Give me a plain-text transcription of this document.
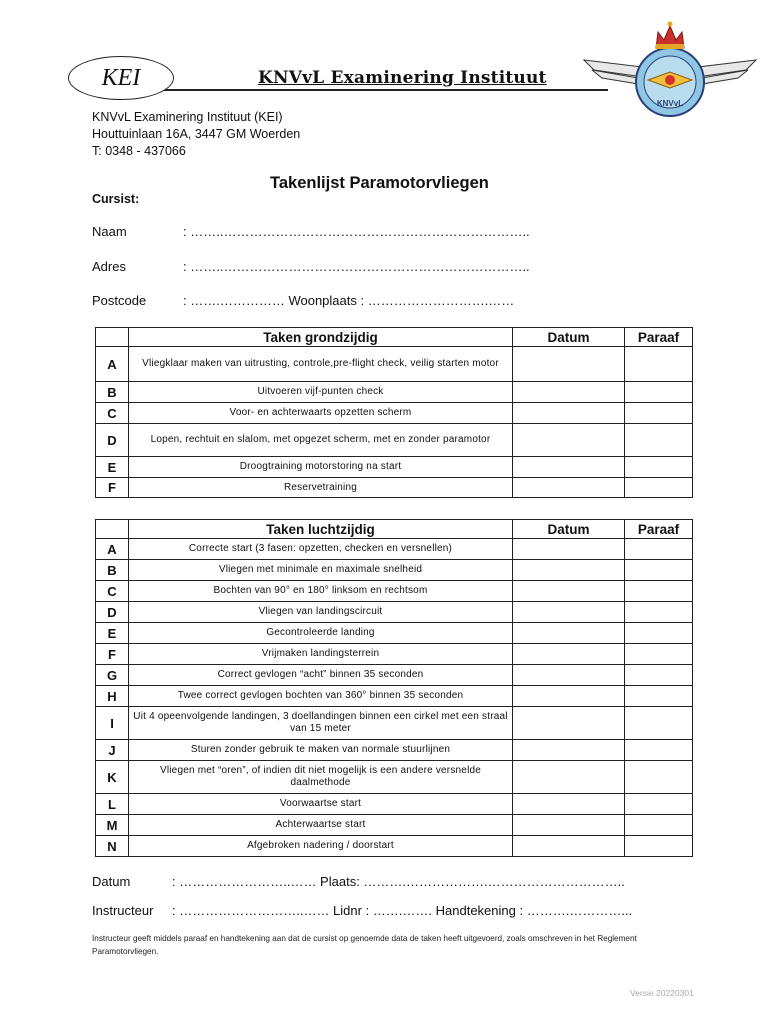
KEI	KNVvL Examinering Instituut
KNVvL
KNVvL Examinering Instituut (KEI)
Houttuinlaan 16A, 3447 GM Woerden
T: 0348 - 437066
Takenlijst Paramotorvliegen
Cursist:
Naam	: ……..……………………………………………………………..
Adres	: ……..……………………………………………………………..
Postcode	: …….…………… Woonplaats : ……………………….……
	Taken grondzijdig	Datum	Paraaf
A	Vliegklaar maken van uitrusting, controle,pre-flight check, veilig starten motor		
B	Uitvoeren vijf-punten check		
C	Voor- en achterwaarts opzetten scherm		
D	Lopen, rechtuit en slalom, met opgezet scherm, met en zonder paramotor		
E	Droogtraining motorstoring na start		
F	Reservetraining		
	Taken luchtzijdig	Datum	Paraaf
A	Correcte start (3 fasen: opzetten, checken en versnellen)		
B	Vliegen met minimale en maximale snelheid		
C	Bochten van 90° en 180° linksom en rechtsom		
D	Vliegen van landingscircuit		
E	Gecontroleerde landing		
F	Vrijmaken landingsterrein		
G	Correct gevlogen “acht” binnen 35 seconden		
H	Twee correct gevlogen bochten van 360° binnen 35 seconden		
I	Uit 4 opeenvolgende landingen, 3 doellandingen binnen een cirkel met een straal van 15 meter		
J	Sturen zonder gebruik te maken van normale stuurlijnen		
K	Vliegen met “oren”, of indien dit niet mogelijk is een andere versnelde daalmethode		
L	Voorwaartse start		
M	Achterwaartse start		
N	Afgebroken nadering / doorstart		
Datum	: ……………………..…… Plaats: ……….……………….…………………………..
Instructeur : ………………………..…… Lidnr : …….……. Handtekening : ……….…………...
Instructeur geeft middels paraaf en handtekening aan dat de cursist op genoemde data de taken heeft uitgevoerd, zoals omschreven in het Reglement Paramotorvliegen.
Versie 20220301
